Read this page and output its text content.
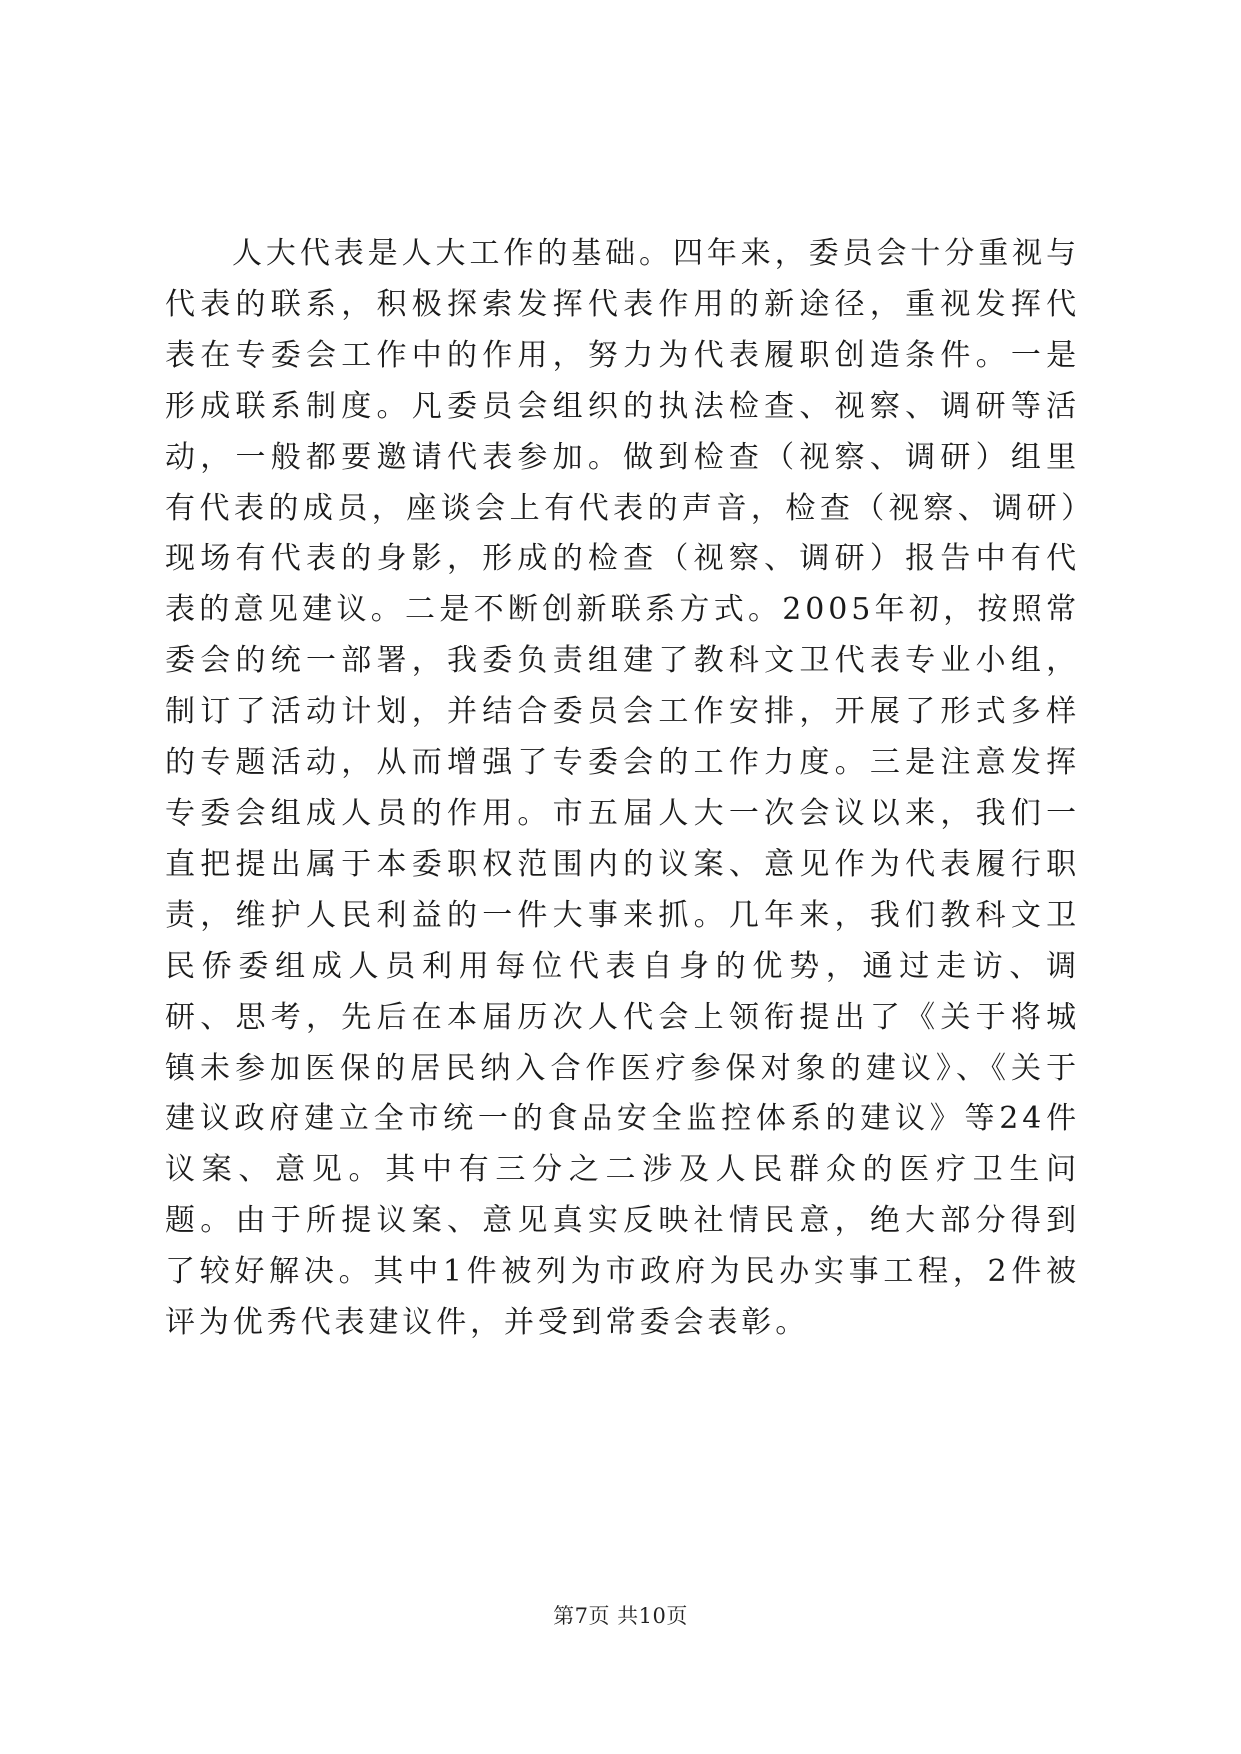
人大代表是人大工作的基础。四年来，委员会十分重视与代表的联系，积极探索发挥代表作用的新途径，重视发挥代表在专委会工作中的作用，努力为代表履职创造条件。一是形成联系制度。凡委员会组织的执法检查、视察、调研等活动，一般都要邀请代表参加。做到检查（视察、调研）组里有代表的成员，座谈会上有代表的声音，检查（视察、调研）现场有代表的身影，形成的检查（视察、调研）报告中有代表的意见建议。二是不断创新联系方式。2005年初，按照常委会的统一部署，我委负责组建了教科文卫代表专业小组，制订了活动计划，并结合委员会工作安排，开展了形式多样的专题活动，从而增强了专委会的工作力度。三是注意发挥专委会组成人员的作用。市五届人大一次会议以来，我们一直把提出属于本委职权范围内的议案、意见作为代表履行职责，维护人民利益的一件大事来抓。几年来，我们教科文卫民侨委组成人员利用每位代表自身的优势，通过走访、调研、思考，先后在本届历次人代会上领衔提出了《关于将城镇未参加医保的居民纳入合作医疗参保对象的建议》、《关于建议政府建立全市统一的食品安全监控体系的建议》等24件议案、意见。其中有三分之二涉及人民群众的医疗卫生问题。由于所提议案、意见真实反映社情民意，绝大部分得到了较好解决。其中1件被列为市政府为民办实事工程，2件被评为优秀代表建议件，并受到常委会表彰。

第7页 共10页
